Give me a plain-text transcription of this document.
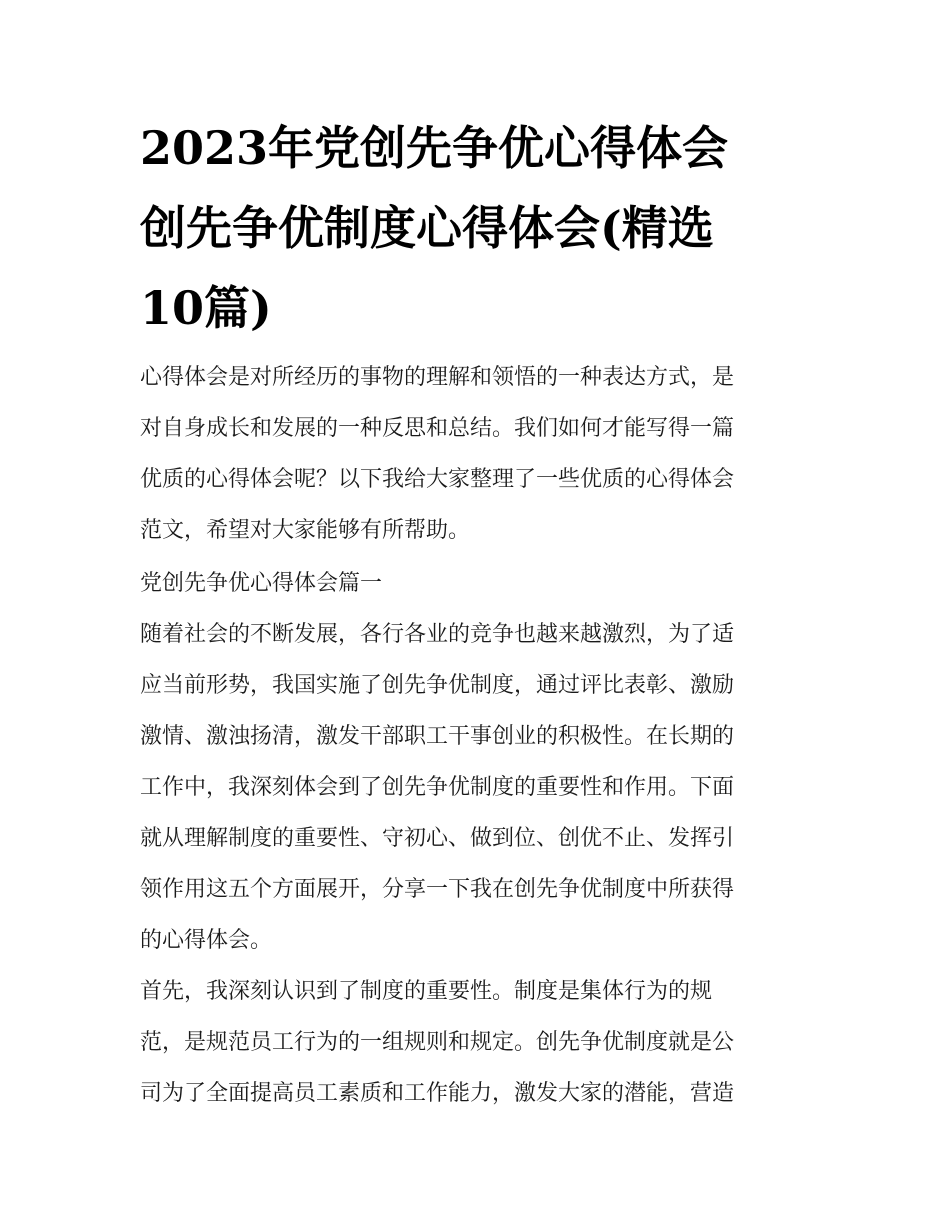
2023年党创先争优心得体会
创先争优制度心得体会(精选
10篇)

心得体会是对所经历的事物的理解和领悟的一种表达方式，是
对自身成长和发展的一种反思和总结。我们如何才能写得一篇
优质的心得体会呢？以下我给大家整理了一些优质的心得体会
范文，希望对大家能够有所帮助。

党创先争优心得体会篇一

随着社会的不断发展，各行各业的竞争也越来越激烈，为了适
应当前形势，我国实施了创先争优制度，通过评比表彰、激励
激情、激浊扬清，激发干部职工干事创业的积极性。在长期的
工作中，我深刻体会到了创先争优制度的重要性和作用。下面
就从理解制度的重要性、守初心、做到位、创优不止、发挥引
领作用这五个方面展开，分享一下我在创先争优制度中所获得
的心得体会。

首先，我深刻认识到了制度的重要性。制度是集体行为的规
范，是规范员工行为的一组规则和规定。创先争优制度就是公
司为了全面提高员工素质和工作能力，激发大家的潜能，营造
